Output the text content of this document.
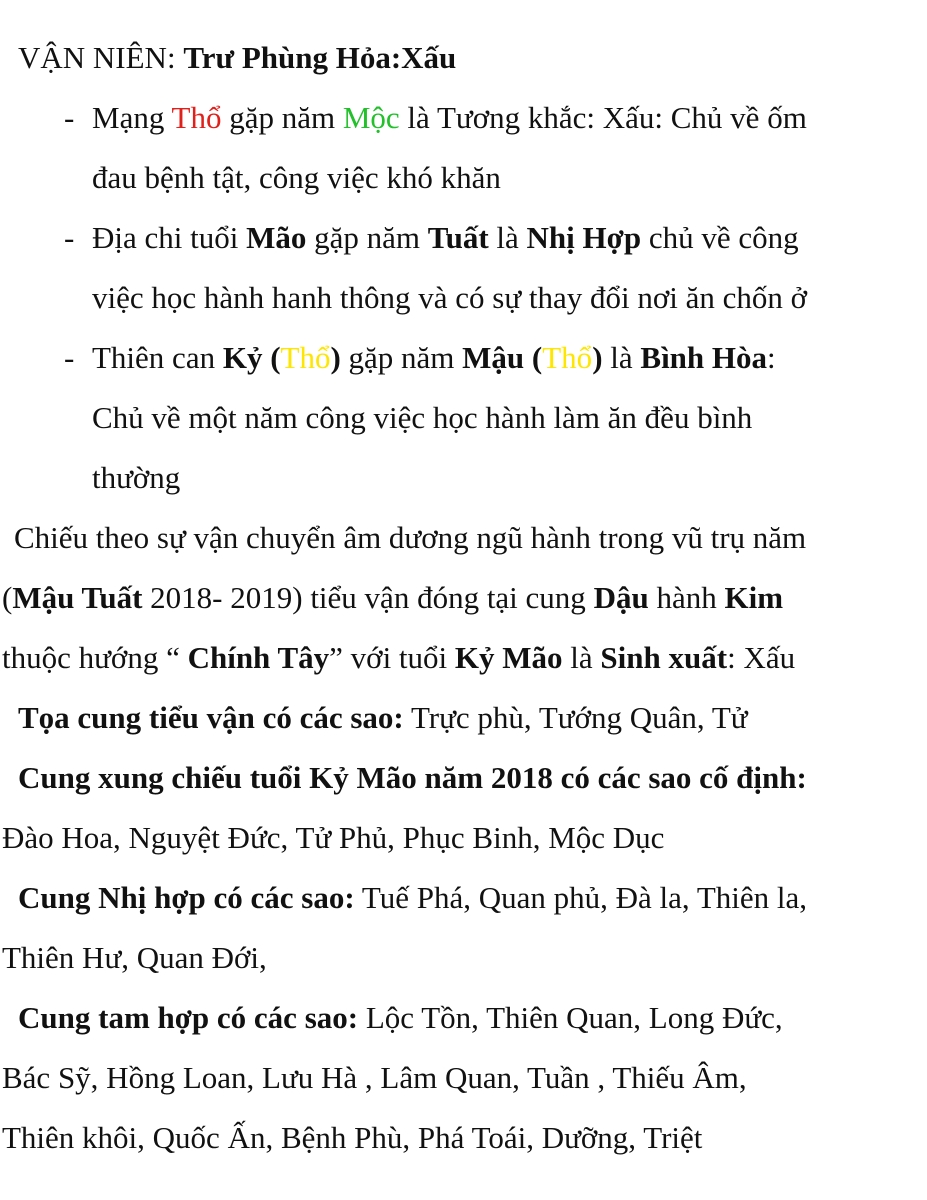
VẬN NIÊN: Trư Phùng Hỏa:Xấu
- Mạng Thổ gặp năm Mộc là Tương khắc: Xấu: Chủ về ốm
đau bệnh tật, công việc khó khăn
- Địa chi tuổi Mão gặp năm Tuất là Nhị Hợp chủ về công
việc học hành hanh thông và có sự thay đổi nơi ăn chốn ở
- Thiên can Kỷ (Thổ) gặp năm Mậu (Thổ) là Bình Hòa:
Chủ về một năm công việc học hành làm ăn đều bình
thường
Chiếu theo sự vận chuyển âm dương ngũ hành trong vũ trụ năm
(Mậu Tuất 2018- 2019) tiểu vận đóng tại cung Dậu hành Kim
thuộc hướng “ Chính Tây” với tuổi Kỷ Mão là Sinh xuất: Xấu
Tọa cung tiểu vận có các sao: Trực phù, Tướng Quân, Tử
Cung xung chiếu tuổi Kỷ Mão năm 2018 có các sao cố định:
Đào Hoa, Nguyệt Đức, Tử Phủ, Phục Binh, Mộc Dục
Cung Nhị hợp có các sao: Tuế Phá, Quan phủ, Đà la, Thiên la,
Thiên Hư, Quan Đới,
Cung tam hợp có các sao: Lộc Tồn, Thiên Quan, Long Đức,
Bác Sỹ, Hồng Loan, Lưu Hà , Lâm Quan, Tuần , Thiếu Âm,
Thiên khôi, Quốc Ấn, Bệnh Phù, Phá Toái, Dưỡng, Triệt
